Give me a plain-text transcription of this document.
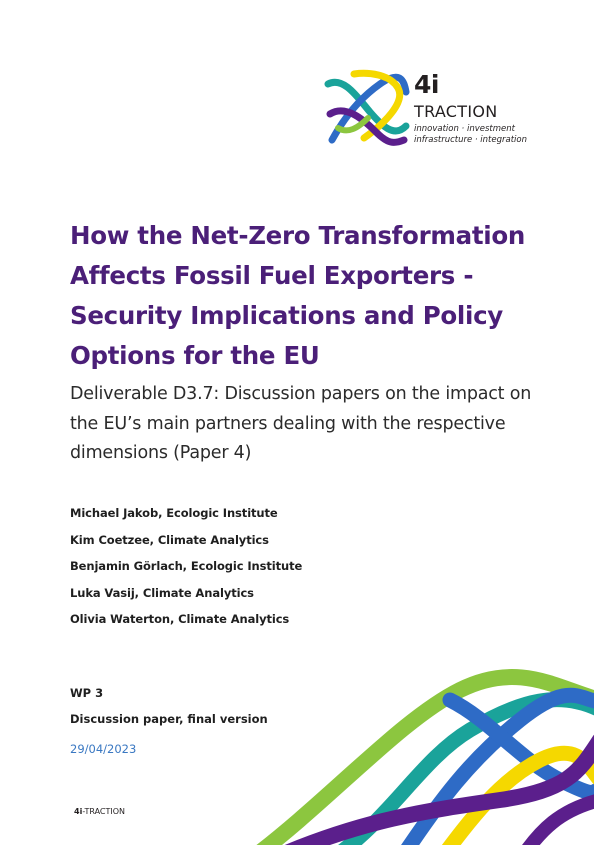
4i
TRACTION
innovation · investment
infrastructure · integration
How the Net-Zero Transformation Affects Fossil Fuel Exporters - Security Implications and Policy Options for the EU
Deliverable D3.7: Discussion papers on the impact on the EU’s main partners dealing with the respective dimensions (Paper 4)
Michael Jakob, Ecologic Institute
Kim Coetzee, Climate Analytics
Benjamin Görlach, Ecologic Institute
Luka Vasij, Climate Analytics
Olivia Waterton, Climate Analytics
WP 3
Discussion paper, final version
29/04/2023
4i-TRACTION
